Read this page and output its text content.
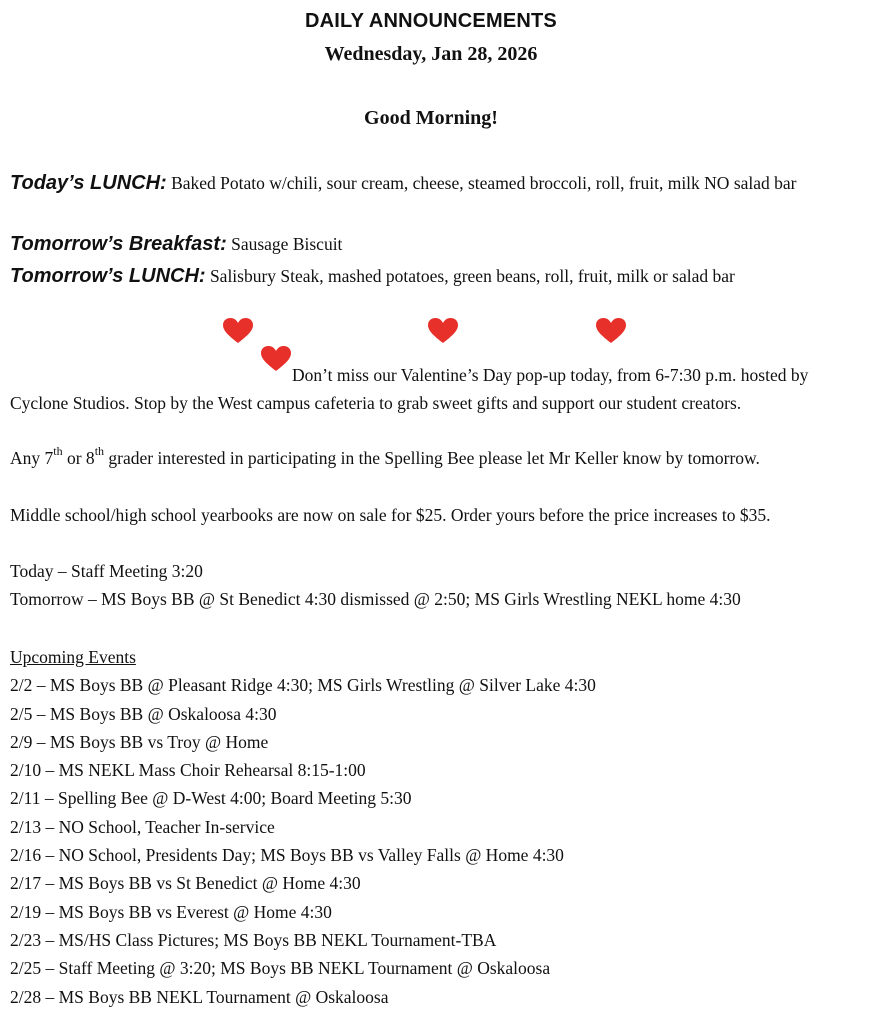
DAILY ANNOUNCEMENTS
Wednesday, Jan 28, 2026
Good Morning!
Today’s LUNCH: Baked Potato w/chili, sour cream, cheese, steamed broccoli, roll, fruit, milk NO salad bar
Tomorrow’s Breakfast: Sausage Biscuit
Tomorrow’s LUNCH: Salisbury Steak, mashed potatoes, green beans, roll, fruit, milk or salad bar
Don’t miss our Valentine’s Day pop-up today, from 6-7:30 p.m. hosted by Cyclone Studios. Stop by the West campus cafeteria to grab sweet gifts and support our student creators.
Any 7th or 8th grader interested in participating in the Spelling Bee please let Mr Keller know by tomorrow.
Middle school/high school yearbooks are now on sale for $25. Order yours before the price increases to $35.
Today – Staff Meeting 3:20
Tomorrow – MS Boys BB @ St Benedict 4:30 dismissed @ 2:50; MS Girls Wrestling NEKL home 4:30
Upcoming Events
2/2 – MS Boys BB @ Pleasant Ridge 4:30; MS Girls Wrestling @ Silver Lake 4:30
2/5 – MS Boys BB @ Oskaloosa 4:30
2/9 – MS Boys BB vs Troy @ Home
2/10 – MS NEKL Mass Choir Rehearsal 8:15-1:00
2/11 – Spelling Bee @ D-West 4:00; Board Meeting 5:30
2/13 – NO School, Teacher In-service
2/16 – NO School, Presidents Day; MS Boys BB vs Valley Falls @ Home 4:30
2/17 – MS Boys BB vs St Benedict @ Home 4:30
2/19 – MS Boys BB vs Everest @ Home 4:30
2/23 – MS/HS Class Pictures; MS Boys BB NEKL Tournament-TBA
2/25 – Staff Meeting @ 3:20; MS Boys BB NEKL Tournament @ Oskaloosa
2/28 – MS Boys BB NEKL Tournament @ Oskaloosa
